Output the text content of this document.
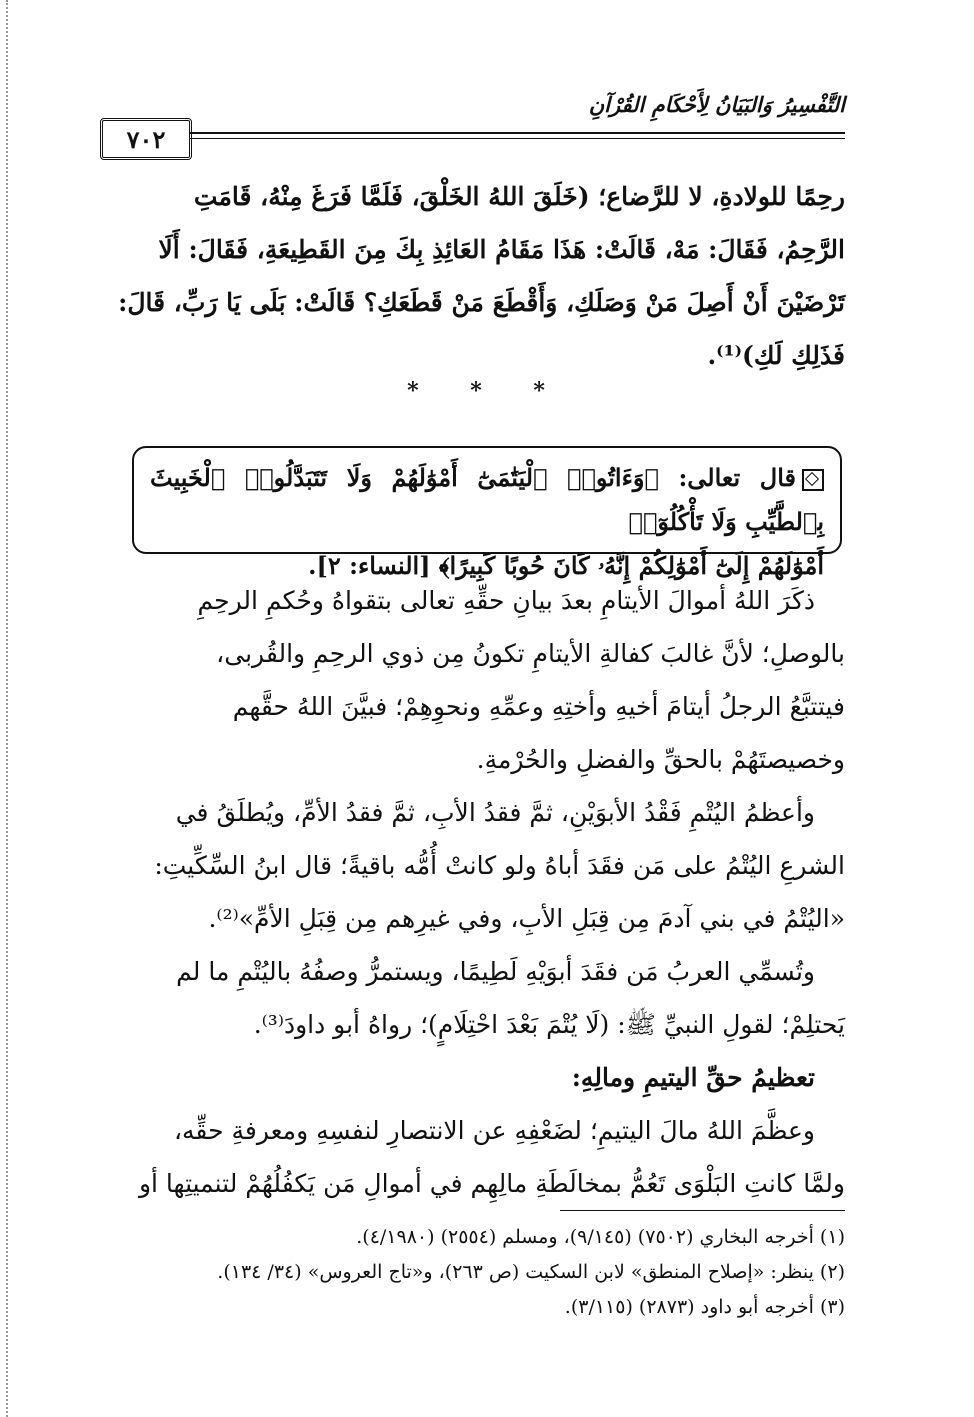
التَّفْسِيرُ وَالبَيَانُ لِأَحْكَامِ القُرْآنِ
٧٠٢

رحِمًا للولادةِ، لا للرَّضاع؛ (خَلَقَ اللهُ الخَلْقَ، فَلَمَّا فَرَغَ مِنْهُ، قَامَتِ

الرَّحِمُ، فَقَالَ: مَهْ، قَالَتْ: هَذَا مَقَامُ العَائِذِ بِكَ مِنَ القَطِيعَةِ، فَقَالَ: أَلَا

تَرْضَيْنَ أَنْ أَصِلَ مَنْ وَصَلَكِ، وَأَقْطَعَ مَنْ قَطَعَكِ؟ قَالَتْ: بَلَى يَا رَبِّ، قَالَ:

فَذَلِكِ لَكِ)⁽¹⁾.

* * *
قال تعالى: ﴿وَءَاتُوا۟ ٱلْيَتَٰمَىٰٓ أَمْوَٰلَهُمْ وَلَا تَتَبَدَّلُوا۟ ٱلْخَبِيثَ بِٱلطَّيِّبِ وَلَا تَأْكُلُوٓا۟
أَمْوَٰلَهُمْ إِلَىٰٓ أَمْوَٰلِكُمْ إِنَّهُۥ كَانَ حُوبًا كَبِيرًا﴾ [النساء: ٢].

ذكَرَ اللهُ أموالَ الأيتامِ بعدَ بيانِ حقِّهِ تعالى بتقواهُ وحُكمِ الرحِمِ

بالوصلِ؛ لأنَّ غالبَ كفالةِ الأيتامِ تكونُ مِن ذوي الرحِمِ والقُربى،

فيتتبَّعُ الرجلُ أيتامَ أخيهِ وأختِهِ وعمِّهِ ونحوِهِمْ؛ فبيَّنَ اللهُ حقَّهم

وخصيصتَهُمْ بالحقِّ والفضلِ والحُرْمةِ.

وأعظمُ اليُتْمِ فَقْدُ الأبوَيْنِ، ثمَّ فقدُ الأبِ، ثمَّ فقدُ الأمِّ، ويُطلَقُ في

الشرعِ اليُتْمُ على مَن فقَدَ أباهُ ولو كانتْ أُمُّه باقيةً؛ قال ابنُ السِّكِّيتِ:

«اليُتْمُ في بني آدمَ مِن قِبَلِ الأبِ، وفي غيرِهم مِن قِبَلِ الأمِّ»⁽²⁾.

وتُسمِّي العربُ مَن فقَدَ أبوَيْهِ لَطِيمًا، ويستمرُّ وصفُهُ باليُتْمِ ما لم

يَحتلِمْ؛ لقولِ النبيِّ ﷺ: (لَا يُتْمَ بَعْدَ احْتِلَامٍ)؛ رواهُ أبو داودَ⁽³⁾.

تعظيمُ حقِّ اليتيمِ ومالِهِ:

وعظَّمَ اللهُ مالَ اليتيمِ؛ لضَعْفِهِ عن الانتصارِ لنفسِهِ ومعرفةِ حقِّه،

ولمَّا كانتِ البَلْوَى تَعُمُّ بمخالَطَةِ مالِهِم في أموالِ مَن يَكفُلُهُمْ لتنميتِها أو

(١) أخرجه البخاري (٧٥٠٢) (٩/١٤٥)، ومسلم (٢٥٥٤) (٤/١٩٨٠).

(٢) ينظر: «إصلاح المنطق» لابن السكيت (ص ٢٦٣)، و«تاج العروس» (٣٤/ ١٣٤).

(٣) أخرجه أبو داود (٢٨٧٣) (٣/١١٥).
